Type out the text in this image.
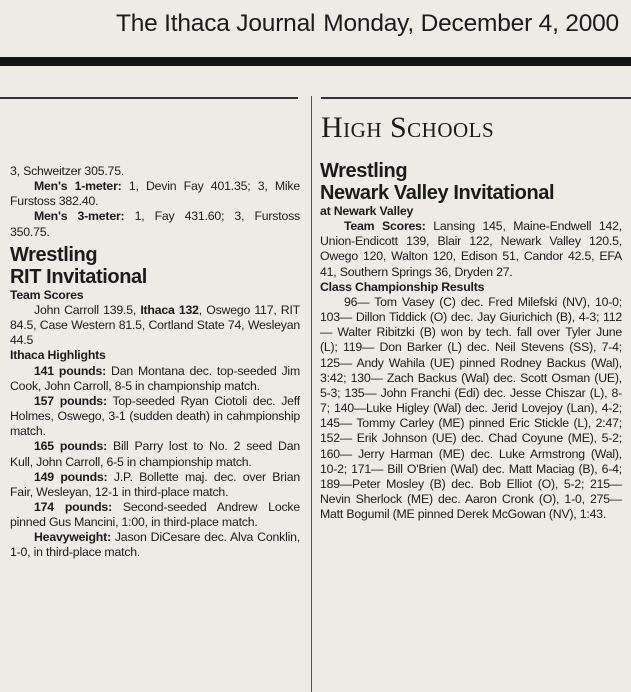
The Ithaca Journal Monday, December 4, 2000
High Schools

3, Schweitzer 305.75.

Men's 1-meter: 1, Devin Fay 401.35; 3, Mike Furstoss 382.40.

Men's 3-meter: 1, Fay 431.60; 3, Furstoss 350.75.

Wrestling

RIT Invitational

Team Scores

John Carroll 139.5, Ithaca 132, Oswego 117, RIT 84.5, Case Western 81.5, Cortland State 74, Wesleyan 44.5

Ithaca Highlights

141 pounds: Dan Montana dec. top-seeded Jim Cook, John Carroll, 8-5 in championship match.

157 pounds: Top-seeded Ryan Ciotoli dec. Jeff Holmes, Oswego, 3-1 (sudden death) in cahmpionship match.

165 pounds: Bill Parry lost to No. 2 seed Dan Kull, John Carroll, 6-5 in championship match.

149 pounds: J.P. Bollette maj. dec. over Brian Fair, Wesleyan, 12-1 in third-place match.

174 pounds: Second-seeded Andrew Locke pinned Gus Mancini, 1:00, in third-place match.

Heavyweight: Jason DiCesare dec. Alva Conklin, 1-0, in third-place match.

Wrestling

Newark Valley Invitational

at Newark Valley

Team Scores: Lansing 145, Maine-Endwell 142, Union-Endicott 139, Blair 122, Newark Valley 120.5, Owego 120, Walton 120, Edison 51, Candor 42.5, EFA 41, Southern Springs 36, Dryden 27.

Class Championship Results

96— Tom Vasey (C) dec. Fred Milefski (NV), 10-0; 103— Dillon Tiddick (O) dec. Jay Giurichich (B), 4-3; 112— Walter Ribitzki (B) won by tech. fall over Tyler June (L); 119— Don Barker (L) dec. Neil Stevens (SS), 7-4; 125— Andy Wahila (UE) pinned Rodney Backus (Wal), 3:42; 130— Zach Backus (Wal) dec. Scott Osman (UE), 5-3; 135— John Franchi (Edi) dec. Jesse Chiszar (L), 8-7; 140—Luke Higley (Wal) dec. Jerid Lovejoy (Lan), 4-2; 145— Tommy Carley (ME) pinned Eric Stickle (L), 2:47; 152— Erik Johnson (UE) dec. Chad Coyune (ME), 5-2; 160— Jerry Harman (ME) dec. Luke Armstrong (Wal), 10-2; 171— Bill O'Brien (Wal) dec. Matt Maciag (B), 6-4; 189—Peter Mosley (B) dec. Bob Elliot (O), 5-2; 215— Nevin Sherlock (ME) dec. Aaron Cronk (O), 1-0, 275— Matt Bogumil (ME pinned Derek McGowan (NV), 1:43.
